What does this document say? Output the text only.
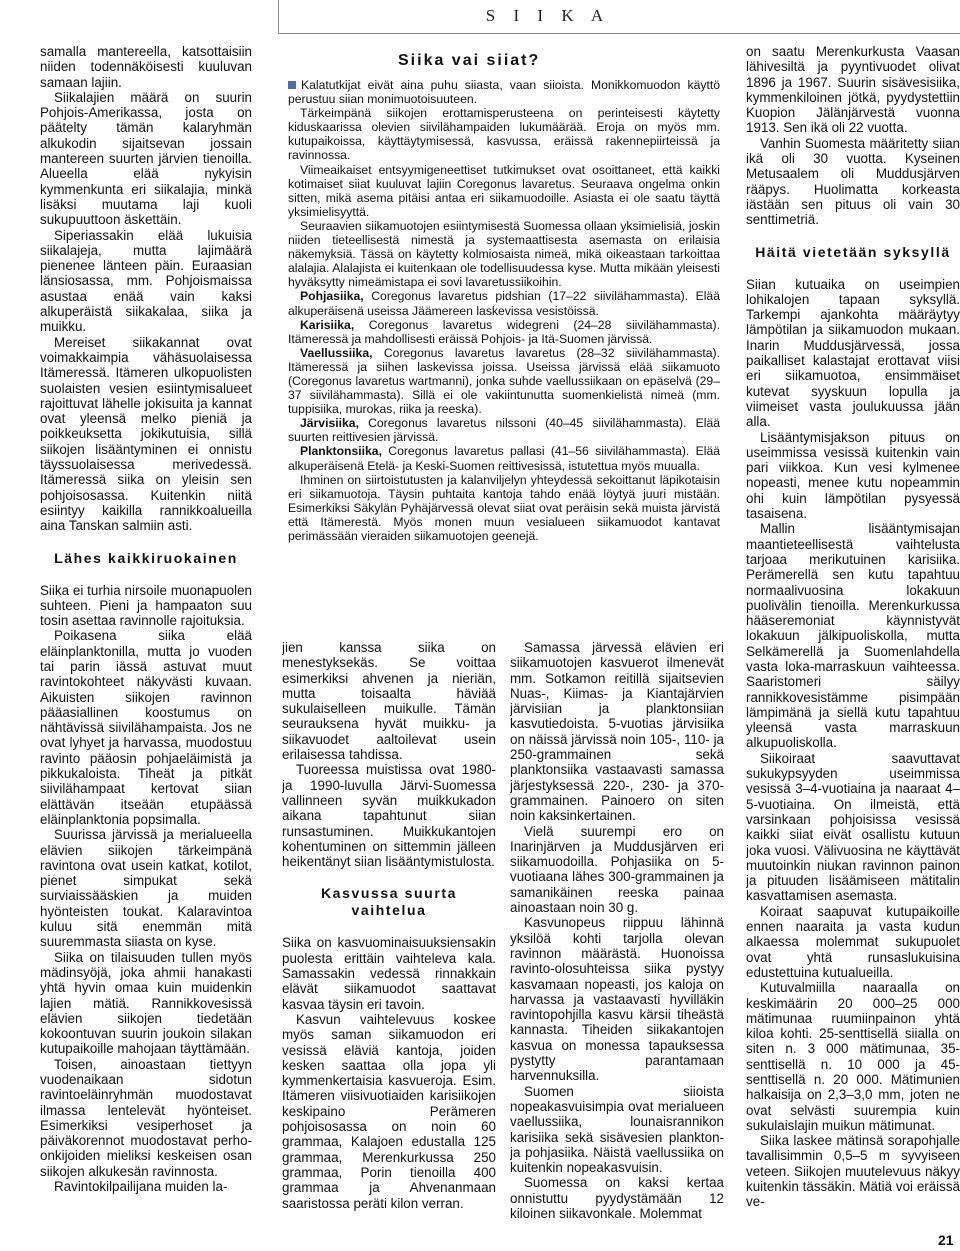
S I I K A

samalla mantereella, katsottaisiin niiden todennäköisesti kuuluvan samaan lajiin.

Siikalajien määrä on suurin Pohjois-Amerikassa, josta on päätelty tämän kalaryhmän alkukodin sijaitsevan jossain mantereen suurten järvien tienoilla. Alueella elää nykyisin kymmenkunta eri siikalajia, minkä lisäksi muutama laji kuoli sukupuuttoon äskettäin.

Siperiassakin elää lukuisia siikalajeja, mutta lajimäärä pienenee länteen päin. Euraasian länsiosassa, mm. Pohjoismaissa asustaa enää vain kaksi alkuperäistä siikakalaa, siika ja muikku.

Mereiset siikakannat ovat voimakkaimpia vähäsuolaisessa Itämeressä. Itämeren ulkopuolisten suolaisten vesien esiintymisalueet rajoittuvat lähelle jokisuita ja kannat ovat yleensä melko pieniä ja poikkeuksetta jokikutuisia, sillä siikojen lisääntyminen ei onnistu täyssuolaisessa merivedessä. Itämeressä siika on yleisin sen pohjoisosassa. Kuitenkin niitä esiintyy kaikilla rannikkoalueilla aina Tanskan salmiin asti.

Lähes kaikkiruokainen

Siika ei turhia nirsoile muonapuolen suhteen. Pieni ja hampaaton suu tosin asettaa ravinnolle rajoituksia.

Poikasena siika elää eläinplanktonilla, mutta jo vuoden tai parin iässä astuvat muut ravintokohteet näkyvästi kuvaan. Aikuisten siikojen ravinnon pääasiallinen koostumus on nähtävissä siivilähampaista. Jos ne ovat lyhyet ja harvassa, muodostuu ravinto pääosin pohjaeläimistä ja pikkukaloista. Tiheät ja pitkät siivilähampaat kertovat siian elättävän itseään etupäässä eläinplanktonia popsimalla.

Suurissa järvissä ja merialueella elävien siikojen tärkeimpänä ravintona ovat usein katkat, kotilot, pienet simpukat sekä surviaissääskien ja muiden hyönteisten toukat. Kalaravintoa kuluu sitä enemmän mitä suuremmasta siiasta on kyse.

Siika on tilaisuuden tullen myös mädinsyöjä, joka ahmii hanakasti yhtä hyvin omaa kuin muidenkin lajien mätiä. Rannikkovesissä elävien siikojen tiedetään kokoontuvan suurin joukoin silakan kutupaikoille mahojaan täyttämään.

Toisen, ainoastaan tiettyyn vuodenaikaan sidotun ravintoeläinryhmän muodostavat ilmassa lentelevät hyönteiset. Esimerkiksi vesiperhoset ja päiväkorennot muodostavat perho-onkijoiden mieliksi keskeisen osan siikojen alkukesän ravinnosta.

Ravintokilpailijana muiden la-

Siika vai siiat?

Kalatutkijat eivät aina puhu siiasta, vaan siioista. Monikkomuodon käyttö perustuu siian monimuotoisuuteen.

Tärkeimpänä siikojen erottamisperusteena on perinteisesti käytetty kiduskaarissa olevien siivilähampaiden lukumäärää. Eroja on myös mm. kutupaikoissa, käyttäytymisessä, kasvussa, eräissä rakennepiirteissä ja ravinnossa.

Viimeaikaiset entsyymigeneettiset tutkimukset ovat osoittaneet, että kaikki kotimaiset siiat kuuluvat lajiin Coregonus lavaretus. Seuraava ongelma onkin sitten, mikä asema pitäisi antaa eri siikamuodoille. Asiasta ei ole saatu täyttä yksimielisyyttä.

Seuraavien siikamuotojen esiintymisestä Suomessa ollaan yksimielisiä, joskin niiden tieteellisestä nimestä ja systemaattisesta asemasta on erilaisia näkemyksiä. Tässä on käytetty kolmiosaista nimeä, mikä oikeastaan tarkoittaa alalajia. Alalajista ei kuitenkaan ole todellisuudessa kyse. Mutta mikään yleisesti hyväksytty nimeämistapa ei sovi lavaretussiikoihin.

Pohjasiika, Coregonus lavaretus pidshian (17–22 siivilähammasta). Elää alkuperäisenä useissa Jäämereen laskevissa vesistöissä.

Karisiika, Coregonus lavaretus widegreni (24–28 siivilähammasta). Itämeressä ja mahdollisesti eräissä Pohjois- ja Itä-Suomen järvissä.

Vaellussiika, Coregonus lavaretus lavaretus (28–32 siivilähammasta). Itämeressä ja siihen laskevissa joissa. Useissa järvissä elää siikamuoto (Coregonus lavaretus wartmanni), jonka suhde vaellussiikaan on epäselvä (29–37 siivilähammasta). Sillä ei ole vakiintunutta suomenkielistä nimeä (mm. tuppisiika, murokas, riika ja reeska).

Järvisiika, Coregonus lavaretus nilssoni (40–45 siivilähammasta). Elää suurten reittivesien järvissä.

Planktonsiika, Coregonus lavaretus pallasi (41–56 siivilähammasta). Elää alkuperäisenä Etelä- ja Keski-Suomen reittivesissä, istutettua myös muualla.

Ihminen on siirtoistutusten ja kalanviljelyn yhteydessä sekoittanut läpikotaisin eri siikamuotoja. Täysin puhtaita kantoja tahdo enää löytyä juuri mistään. Esimerkiksi Säkylän Pyhäjärvessä olevat siiat ovat peräisin sekä muista järvistä että Itämerestä. Myös monen muun vesialueen siikamuodot kantavat perimässään vieraiden siikamuotojen geenejä.

jien kanssa siika on menestyksekäs. Se voittaa esimerkiksi ahvenen ja nieriän, mutta toisaalta häviää sukulaiselleen muikulle. Tämän seurauksena hyvät muikku- ja siikavuodet aaltoilevat usein erilaisessa tahdissa.

Tuoreessa muistissa ovat 1980- ja 1990-luvulla Järvi-Suomessa vallinneen syvän muikkukadon aikana tapahtunut siian runsastuminen. Muikkukantojen kohentuminen on sittemmin jälleen heikentänyt siian lisääntymistulosta.

Kasvussa suurta vaihtelua

Siika on kasvuominaisuuksiensakin puolesta erittäin vaihteleva kala. Samassakin vedessä rinnakkain elävät siikamuodot saattavat kasvaa täysin eri tavoin.

Kasvun vaihtelevuus koskee myös saman siikamuodon eri vesissä eläviä kantoja, joiden kesken saattaa olla jopa yli kymmenkertaisia kasvueroja. Esim. Itämeren viisivuotiaiden karisiikojen keskipaino Perämeren pohjoisosassa on noin 60 grammaa, Kalajoen edustalla 125 grammaa, Merenkurkussa 250 grammaa, Porin tienoilla 400 grammaa ja Ahvenanmaan saaristossa peräti kilon verran.

Samassa järvessä elävien eri siikamuotojen kasvuerot ilmenevät mm. Sotkamon reitillä sijaitsevien Nuas-, Kiimas- ja Kiantajärvien järvisiian ja planktonsiian kasvutiedoista. 5-vuotias järvisiika on näissä järvissä noin 105-, 110- ja 250-grammainen sekä planktonsiika vastaavasti samassa järjestyksessä 220-, 230- ja 370-grammainen. Painoero on siten noin kaksinkertainen.

Vielä suurempi ero on Inarinjärven ja Muddusjärven eri siikamuodoilla. Pohjasiika on 5-vuotiaana lähes 300-grammainen ja samanikäinen reeska painaa ainoastaan noin 30 g.

Kasvunopeus riippuu lähinnä yksilöä kohti tarjolla olevan ravinnon määrästä. Huonoissa ravinto-olosuhteissa siika pystyy kasvamaan nopeasti, jos kaloja on harvassa ja vastaavasti hyvilläkin ravintopohjilla kasvu kärsii tiheästä kannasta. Tiheiden siikakantojen kasvua on monessa tapauksessa pystytty parantamaan harvennuksilla.

Suomen siioista nopeakasvuisimpia ovat merialueen vaellussiika, lounaisrannikon karisiika sekä sisävesien plankton- ja pohjasiika. Näistä vaellussiika on kuitenkin nopeakasvuisin.

Suomessa on kaksi kertaa onnistuttu pyydystämään 12 kiloinen siikavonkale. Molemmat

on saatu Merenkurkusta Vaasan lähivesiltä ja pyyntivuodet olivat 1896 ja 1967. Suurin sisävesisiika, kymmenkiloinen jötkä, pyydystettiin Kuopion Jälänjärvestä vuonna 1913. Sen ikä oli 22 vuotta.

Vanhin Suomesta määritetty siian ikä oli 30 vuotta. Kyseinen Metusaalem oli Muddusjärven rääpys. Huolimatta korkeasta iästään sen pituus oli vain 30 senttimetriä.

Häitä vietetään syksyllä

Siian kutuaika on useimpien lohikalojen tapaan syksyllä. Tarkempi ajankohta määräytyy lämpötilan ja siikamuodon mukaan. Inarin Muddusjärvessä, jossa paikalliset kalastajat erottavat viisi eri siikamuotoa, ensimmäiset kutevat syyskuun lopulla ja viimeiset vasta joulukuussa jään alla.

Lisääntymisjakson pituus on useimmissa vesissä kuitenkin vain pari viikkoa. Kun vesi kylmenee nopeasti, menee kutu nopeammin ohi kuin lämpötilan pysyessä tasaisena.

Mallin lisääntymisajan maantieteellisestä vaihtelusta tarjoaa merikutuinen karisiika. Perämerellä sen kutu tapahtuu normaalivuosina lokakuun puolivälin tienoilla. Merenkurkussa hääseremoniat käynnistyvät lokakuun jälkipuoliskolla, mutta Selkämerellä ja Suomenlahdella vasta loka-marraskuun vaihteessa. Saaristomeri säilyy rannikkovesistämme pisimpään lämpimänä ja siellä kutu tapahtuu yleensä vasta marraskuun alkupuoliskolla.

Siikoiraat saavuttavat sukukypsyyden useimmissa vesissä 3–4-vuotiaina ja naaraat 4–5-vuotiaina. On ilmeistä, että varsinkaan pohjoisissa vesissä kaikki siiat eivät osallistu kutuun joka vuosi. Välivuosina ne käyttävät muutoinkin niukan ravinnon painon ja pituuden lisäämiseen mätitalin kasvattamisen asemasta.

Koiraat saapuvat kutupaikoille ennen naaraita ja vasta kudun alkaessa molemmat sukupuolet ovat yhtä runsaslukuisina edustettuina kutualueilla.

Kutuvalmiilla naaraalla on keskimäärin 20 000–25 000 mätimunaa ruumiinpainon yhtä kiloa kohti. 25-senttisellä siialla on siten n. 3 000 mätimunaa, 35-senttisellä n. 10 000 ja 45-senttisellä n. 20 000. Mätimunien halkaisija on 2,3–3,0 mm, joten ne ovat selvästi suurempia kuin sukulaislajin muikun mätimunat.

Siika laskee mätinsä sorapohjalle tavallisimmin 0,5–5 m syvyiseen veteen. Siikojen muutelevuus näkyy kuitenkin tässäkin. Mätiä voi eräissä ve-

21
